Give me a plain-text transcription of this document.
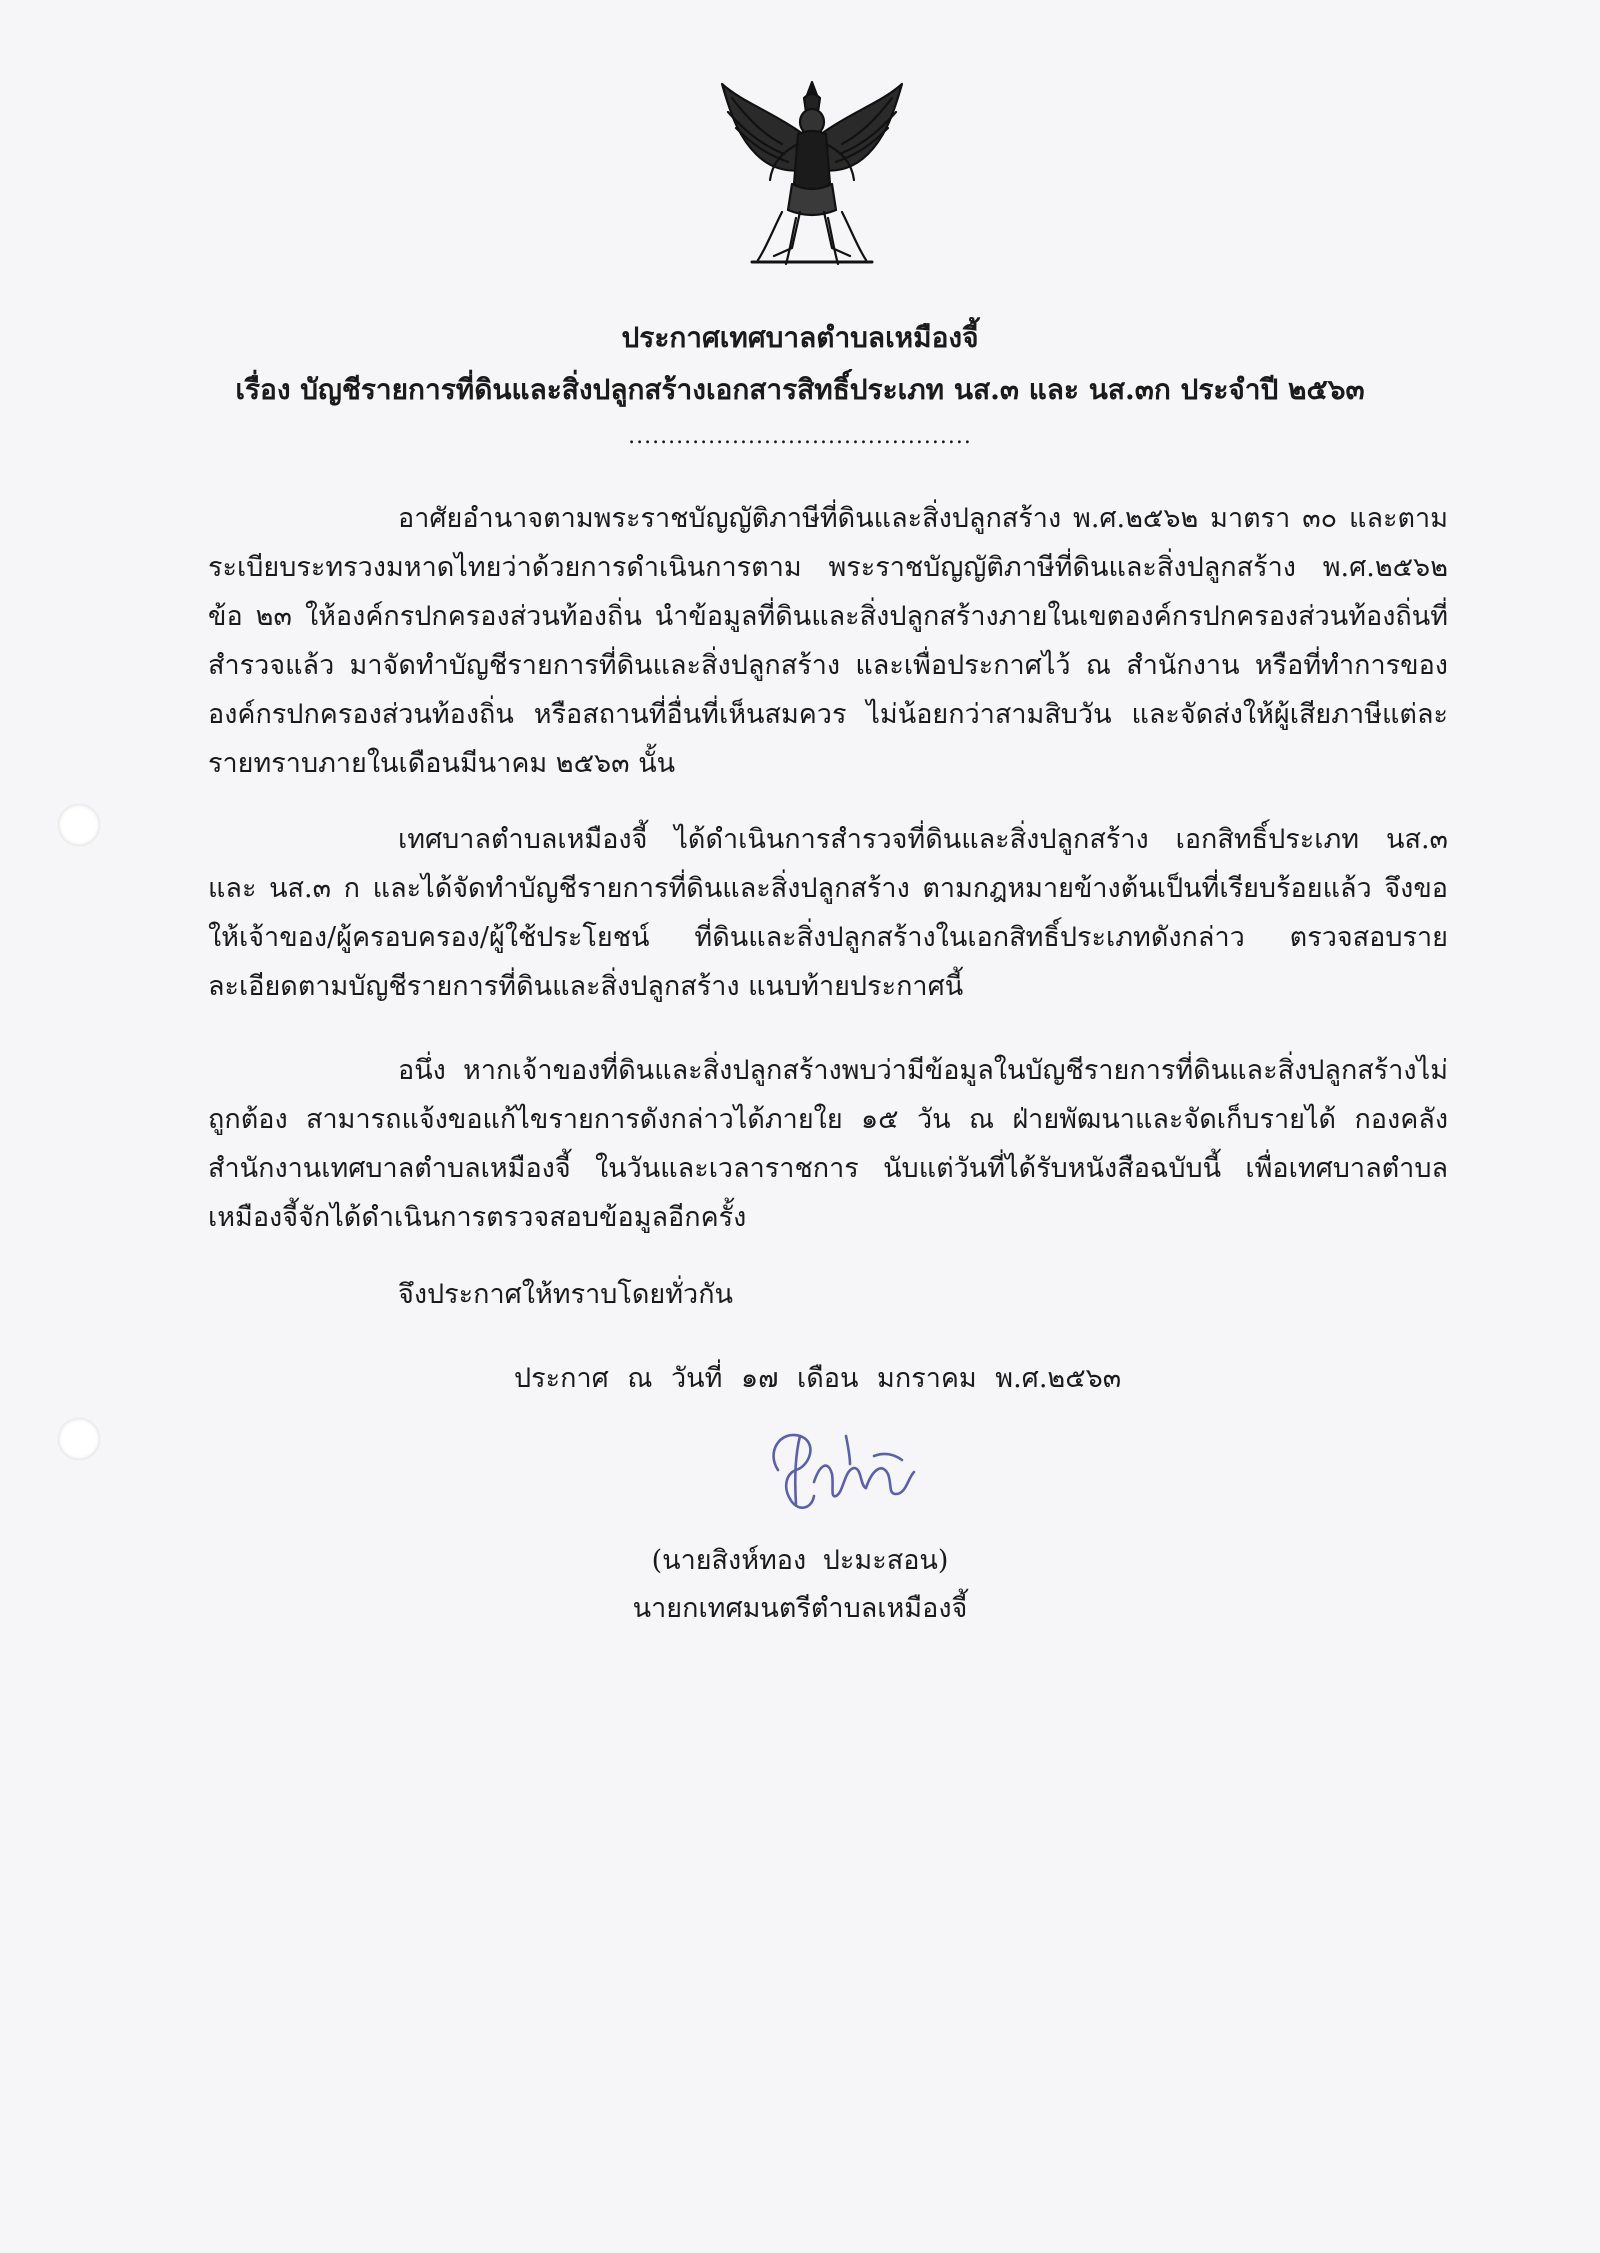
ประกาศเทศบาลตำบลเหมืองจี้
เรื่อง บัญชีรายการที่ดินและสิ่งปลูกสร้างเอกสารสิทธิ์ประเภท นส.๓ และ นส.๓ก ประจำปี ๒๕๖๓
...........................................

อาศัยอำนาจตามพระราชบัญญัติภาษีที่ดินและสิ่งปลูกสร้าง พ.ศ.๒๕๖๒ มาตรา ๓๐ และตามระเบียบระทรวงมหาดไทยว่าด้วยการดำเนินการตาม พระราชบัญญัติภาษีที่ดินและสิ่งปลูกสร้าง พ.ศ.๒๕๖๒ ข้อ ๒๓ ให้องค์กรปกครองส่วนท้องถิ่น นำข้อมูลที่ดินและสิ่งปลูกสร้างภายในเขตองค์กรปกครองส่วนท้องถิ่นที่สำรวจแล้ว มาจัดทำบัญชีรายการที่ดินและสิ่งปลูกสร้าง และเพื่อประกาศไว้ ณ สำนักงาน หรือที่ทำการขององค์กรปกครองส่วนท้องถิ่น หรือสถานที่อื่นที่เห็นสมควร ไม่น้อยกว่าสามสิบวัน และจัดส่งให้ผู้เสียภาษีแต่ละรายทราบภายในเดือนมีนาคม ๒๕๖๓ นั้น

เทศบาลตำบลเหมืองจี้ ได้ดำเนินการสำรวจที่ดินและสิ่งปลูกสร้าง เอกสิทธิ์ประเภท นส.๓ และ นส.๓ ก และได้จัดทำบัญชีรายการที่ดินและสิ่งปลูกสร้าง ตามกฎหมายข้างต้นเป็นที่เรียบร้อยแล้ว จึงขอให้เจ้าของ/ผู้ครอบครอง/ผู้ใช้ประโยชน์ ที่ดินและสิ่งปลูกสร้างในเอกสิทธิ์ประเภทดังกล่าว ตรวจสอบรายละเอียดตามบัญชีรายการที่ดินและสิ่งปลูกสร้าง แนบท้ายประกาศนี้

อนึ่ง หากเจ้าของที่ดินและสิ่งปลูกสร้างพบว่ามีข้อมูลในบัญชีรายการที่ดินและสิ่งปลูกสร้างไม่ถูกต้อง สามารถแจ้งขอแก้ไขรายการดังกล่าวได้ภายใย ๑๕ วัน ณ ฝ่ายพัฒนาและจัดเก็บรายได้ กองคลัง สำนักงานเทศบาลตำบลเหมืองจี้ ในวันและเวลาราชการ นับแต่วันที่ได้รับหนังสือฉบับนี้ เพื่อเทศบาลตำบลเหมืองจี้จักได้ดำเนินการตรวจสอบข้อมูลอีกครั้ง

จึงประกาศให้ทราบโดยทั่วกัน
ประกาศ ณ วันที่ ๑๗ เดือน มกราคม พ.ศ.๒๕๖๓
(นายสิงห์ทอง ปะมะสอน)
นายกเทศมนตรีตำบลเหมืองจี้
